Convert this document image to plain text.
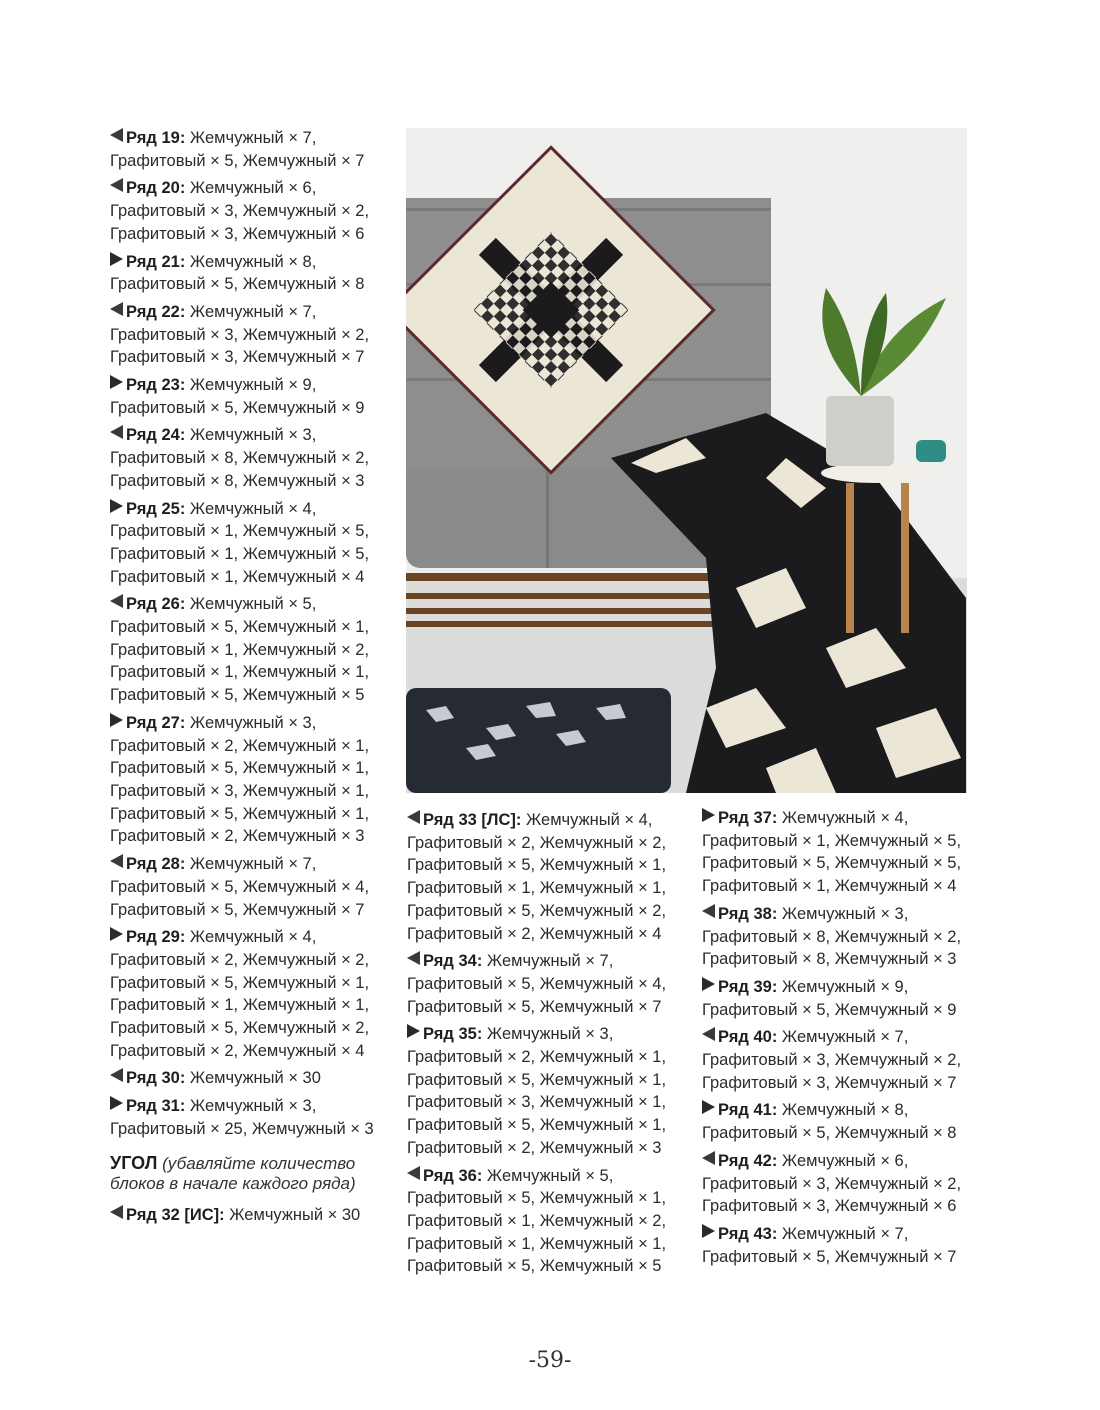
Ряд 19: Жемчужный × 7,
Графитовый × 5, Жемчужный × 7
Ряд 20: Жемчужный × 6,
Графитовый × 3, Жемчужный × 2,
Графитовый × 3, Жемчужный × 6
Ряд 21: Жемчужный × 8,
Графитовый × 5, Жемчужный × 8
Ряд 22: Жемчужный × 7,
Графитовый × 3, Жемчужный × 2,
Графитовый × 3, Жемчужный × 7
Ряд 23: Жемчужный × 9,
Графитовый × 5, Жемчужный × 9
Ряд 24: Жемчужный × 3,
Графитовый × 8, Жемчужный × 2,
Графитовый × 8, Жемчужный × 3
Ряд 25: Жемчужный × 4,
Графитовый × 1, Жемчужный × 5,
Графитовый × 1, Жемчужный × 5,
Графитовый × 1, Жемчужный × 4
Ряд 26: Жемчужный × 5,
Графитовый × 5, Жемчужный × 1,
Графитовый × 1, Жемчужный × 2,
Графитовый × 1, Жемчужный × 1,
Графитовый × 5, Жемчужный × 5
Ряд 27: Жемчужный × 3,
Графитовый × 2, Жемчужный × 1,
Графитовый × 5, Жемчужный × 1,
Графитовый × 3, Жемчужный × 1,
Графитовый × 5, Жемчужный × 1,
Графитовый × 2, Жемчужный × 3
Ряд 28: Жемчужный × 7,
Графитовый × 5, Жемчужный × 4,
Графитовый × 5, Жемчужный × 7
Ряд 29: Жемчужный × 4,
Графитовый × 2, Жемчужный × 2,
Графитовый × 5, Жемчужный × 1,
Графитовый × 1, Жемчужный × 1,
Графитовый × 5, Жемчужный × 2,
Графитовый × 2, Жемчужный × 4
Ряд 30: Жемчужный × 30
Ряд 31: Жемчужный × 3,
Графитовый × 25, Жемчужный × 3
УГОЛ (убавляйте количество
блоков в начале каждого ряда)
Ряд 32 [ИС]: Жемчужный × 30
Ряд 33 [ЛС]: Жемчужный × 4,
Графитовый × 2, Жемчужный × 2,
Графитовый × 5, Жемчужный × 1,
Графитовый × 1, Жемчужный × 1,
Графитовый × 5, Жемчужный × 2,
Графитовый × 2, Жемчужный × 4
Ряд 34: Жемчужный × 7,
Графитовый × 5, Жемчужный × 4,
Графитовый × 5, Жемчужный × 7
Ряд 35: Жемчужный × 3,
Графитовый × 2, Жемчужный × 1,
Графитовый × 5, Жемчужный × 1,
Графитовый × 3, Жемчужный × 1,
Графитовый × 5, Жемчужный × 1,
Графитовый × 2, Жемчужный × 3
Ряд 36: Жемчужный × 5,
Графитовый × 5, Жемчужный × 1,
Графитовый × 1, Жемчужный × 2,
Графитовый × 1, Жемчужный × 1,
Графитовый × 5, Жемчужный × 5
Ряд 37: Жемчужный × 4,
Графитовый × 1, Жемчужный × 5,
Графитовый × 5, Жемчужный × 5,
Графитовый × 1, Жемчужный × 4
Ряд 38: Жемчужный × 3,
Графитовый × 8, Жемчужный × 2,
Графитовый × 8, Жемчужный × 3
Ряд 39: Жемчужный × 9,
Графитовый × 5, Жемчужный × 9
Ряд 40: Жемчужный × 7,
Графитовый × 3, Жемчужный × 2,
Графитовый × 3, Жемчужный × 7
Ряд 41: Жемчужный × 8,
Графитовый × 5, Жемчужный × 8
Ряд 42: Жемчужный × 6,
Графитовый × 3, Жемчужный × 2,
Графитовый × 3, Жемчужный × 6
Ряд 43: Жемчужный × 7,
Графитовый × 5, Жемчужный × 7
-59-
